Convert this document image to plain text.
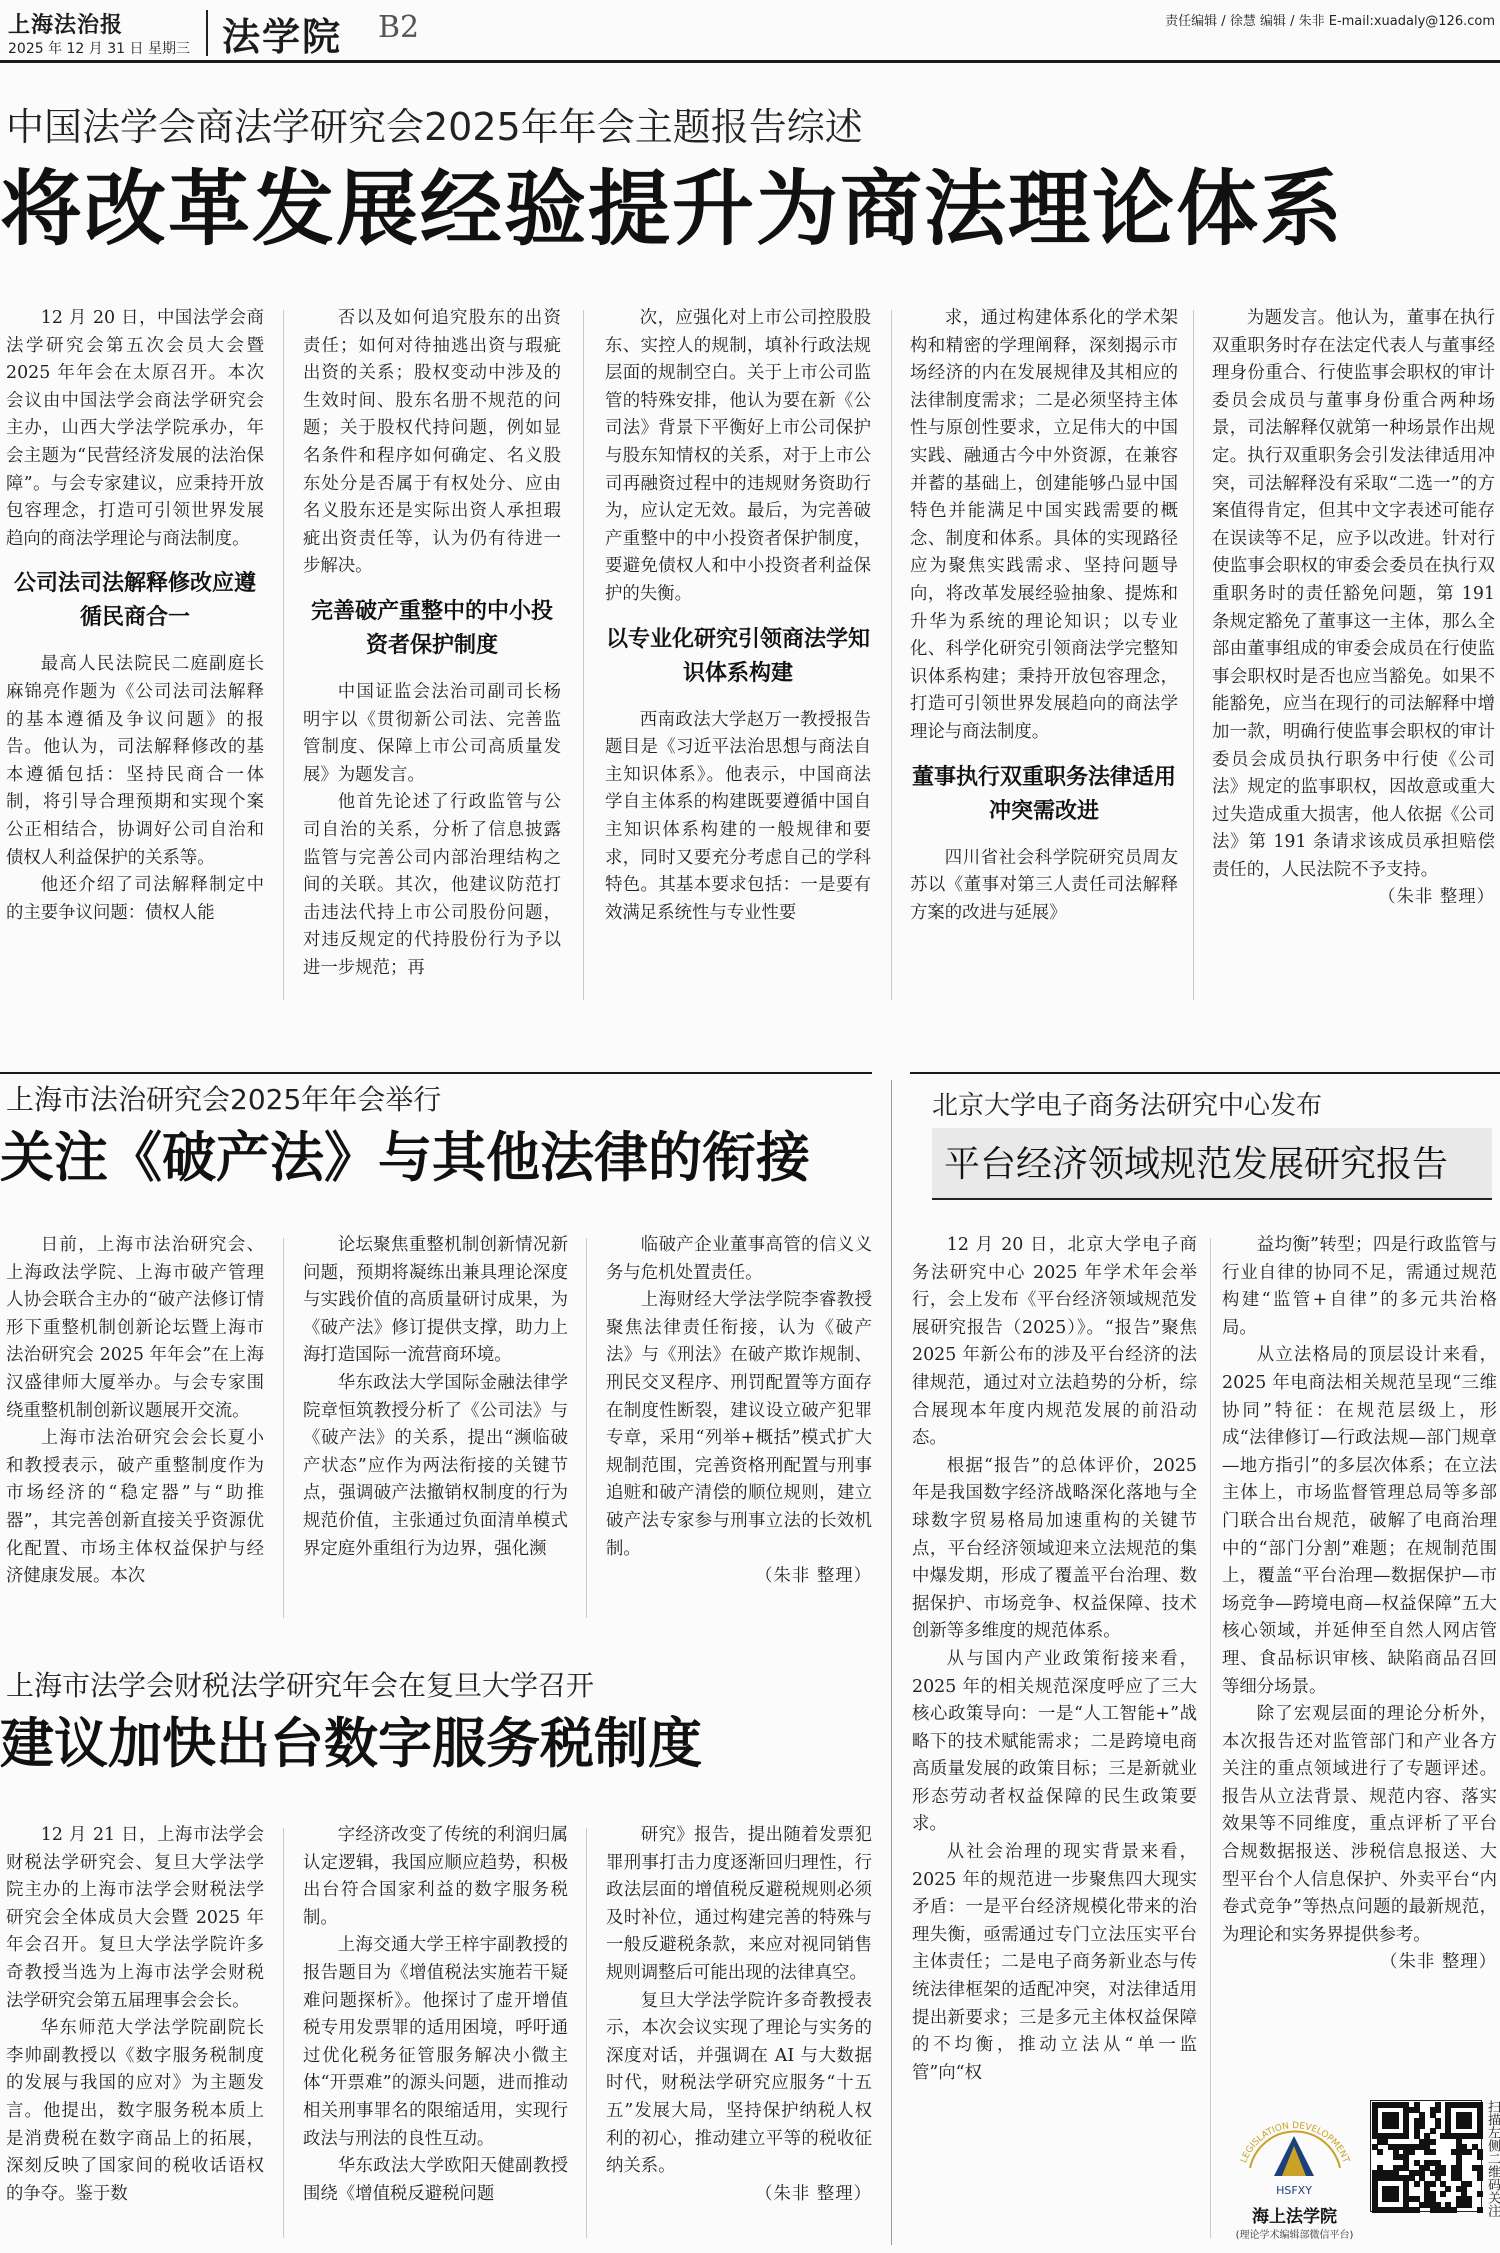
上海法治报
2025 年 12 月 31 日 星期三 法学院	B2	责任编辑 / 徐慧 编辑 / 朱非 E-mail:xuadaly@126.com
中国法学会商法学研究会2025年年会主题报告综述
将改革发展经验提升为商法理论体系

12 月 20 日，中国法学会商法学研究会第五次会员大会暨 2025 年年会在太原召开。本次会议由中国法学会商法学研究会主办，山西大学法学院承办，年会主题为“民营经济发展的法治保障”。与会专家建议，应秉持开放包容理念，打造可引领世界发展趋向的商法学理论与商法制度。

公司法司法解释修改应遵循民商合一

最高人民法院民二庭副庭长麻锦亮作题为《公司法司法解释的基本遵循及争议问题》的报告。他认为，司法解释修改的基本遵循包括：坚持民商合一体制，将引导合理预期和实现个案公正相结合，协调好公司自治和债权人利益保护的关系等。

他还介绍了司法解释制定中的主要争议问题：债权人能

否以及如何追究股东的出资责任；如何对待抽逃出资与瑕疵出资的关系；股权变动中涉及的生效时间、股东名册不规范的问题；关于股权代持问题，例如显名条件和程序如何确定、名义股东处分是否属于有权处分、应由名义股东还是实际出资人承担瑕疵出资责任等，认为仍有待进一步解决。

完善破产重整中的中小投资者保护制度

中国证监会法治司副司长杨明宇以《贯彻新公司法、完善监管制度、保障上市公司高质量发展》为题发言。

他首先论述了行政监管与公司自治的关系，分析了信息披露监管与完善公司内部治理结构之间的关联。其次，他建议防范打击违法代持上市公司股份问题，对违反规定的代持股份行为予以进一步规范；再

次，应强化对上市公司控股股东、实控人的规制，填补行政法规层面的规制空白。关于上市公司监管的特殊安排，他认为要在新《公司法》背景下平衡好上市公司保护与股东知情权的关系，对于上市公司再融资过程中的违规财务资助行为，应认定无效。最后，为完善破产重整中的中小投资者保护制度，要避免债权人和中小投资者利益保护的失衡。

以专业化研究引领商法学知识体系构建

西南政法大学赵万一教授报告题目是《习近平法治思想与商法自主知识体系》。他表示，中国商法学自主体系的构建既要遵循中国自主知识体系构建的一般规律和要求，同时又要充分考虑自己的学科特色。其基本要求包括：一是要有效满足系统性与专业性要

求，通过构建体系化的学术架构和精密的学理阐释，深刻揭示市场经济的内在发展规律及其相应的法律制度需求；二是必须坚持主体性与原创性要求，立足伟大的中国实践、融通古今中外资源，在兼容并蓄的基础上，创建能够凸显中国特色并能满足中国实践需要的概念、制度和体系。具体的实现路径应为聚焦实践需求、坚持问题导向，将改革发展经验抽象、提炼和升华为系统的理论知识；以专业化、科学化研究引领商法学完整知识体系构建；秉持开放包容理念，打造可引领世界发展趋向的商法学理论与商法制度。

董事执行双重职务法律适用冲突需改进

四川省社会科学院研究员周友苏以《董事对第三人责任司法解释方案的改进与延展》

为题发言。他认为，董事在执行双重职务时存在法定代表人与董事经理身份重合、行使监事会职权的审计委员会成员与董事身份重合两种场景，司法解释仅就第一种场景作出规定。执行双重职务会引发法律适用冲突，司法解释没有采取“二选一”的方案值得肯定，但其中文字表述可能存在误读等不足，应予以改进。针对行使监事会职权的审委会委员在执行双重职务时的责任豁免问题，第 191 条规定豁免了董事这一主体，那么全部由董事组成的审委会成员在行使监事会职权时是否也应当豁免。如果不能豁免，应当在现行的司法解释中增加一款，明确行使监事会职权的审计委员会成员执行职务中行使《公司法》规定的监事职权，因故意或重大过失造成重大损害，他人依据《公司法》第 191 条请求该成员承担赔偿责任的，人民法院不予支持。

（朱非 整理）

上海市法治研究会2025年年会举行
关注《破产法》与其他法律的衔接

日前，上海市法治研究会、上海政法学院、上海市破产管理人协会联合主办的“破产法修订情形下重整机制创新论坛暨上海市法治研究会 2025 年年会”在上海汉盛律师大厦举办。与会专家围绕重整机制创新议题展开交流。

上海市法治研究会会长夏小和教授表示，破产重整制度作为市场经济的“稳定器”与“助推器”，其完善创新直接关乎资源优化配置、市场主体权益保护与经济健康发展。本次

论坛聚焦重整机制创新情况新问题，预期将凝练出兼具理论深度与实践价值的高质量研讨成果，为《破产法》修订提供支撑，助力上海打造国际一流营商环境。

华东政法大学国际金融法律学院章恒筑教授分析了《公司法》与《破产法》的关系，提出“濒临破产状态”应作为两法衔接的关键节点，强调破产法撤销权制度的行为规范价值，主张通过负面清单模式界定庭外重组行为边界，强化濒

临破产企业董事高管的信义义务与危机处置责任。

上海财经大学法学院李睿教授聚焦法律责任衔接，认为《破产法》与《刑法》在破产欺诈规制、刑民交叉程序、刑罚配置等方面存在制度性断裂，建议设立破产犯罪专章，采用“列举+概括”模式扩大规制范围，完善资格刑配置与刑事追赃和破产清偿的顺位规则，建立破产法专家参与刑事立法的长效机制。

（朱非 整理）

上海市法学会财税法学研究年会在复旦大学召开
建议加快出台数字服务税制度

12 月 21 日，上海市法学会财税法学研究会、复旦大学法学院主办的上海市法学会财税法学研究会全体成员大会暨 2025 年年会召开。复旦大学法学院许多奇教授当选为上海市法学会财税法学研究会第五届理事会会长。

华东师范大学法学院副院长李帅副教授以《数字服务税制度的发展与我国的应对》为主题发言。他提出，数字服务税本质上是消费税在数字商品上的拓展，深刻反映了国家间的税收话语权的争夺。鉴于数

字经济改变了传统的利润归属认定逻辑，我国应顺应趋势，积极出台符合国家利益的数字服务税制。

上海交通大学王梓宇副教授的报告题目为《增值税法实施若干疑难问题探析》。他探讨了虚开增值税专用发票罪的适用困境，呼吁通过优化税务征管服务解决小微主体“开票难”的源头问题，进而推动相关刑事罪名的限缩适用，实现行政法与刑法的良性互动。

华东政法大学欧阳天健副教授围绕《增值税反避税问题

研究》报告，提出随着发票犯罪刑事打击力度逐渐回归理性，行政法层面的增值税反避税规则必须及时补位，通过构建完善的特殊与一般反避税条款，来应对视同销售规则调整后可能出现的法律真空。

复旦大学法学院许多奇教授表示，本次会议实现了理论与实务的深度对话，并强调在 AI 与大数据时代，财税法学研究应服务“十五五”发展大局，坚持保护纳税人权利的初心，推动建立平等的税收征纳关系。

（朱非 整理）

北京大学电子商务法研究中心发布
平台经济领域规范发展研究报告

12 月 20 日，北京大学电子商务法研究中心 2025 年学术年会举行，会上发布《平台经济领域规范发展研究报告（2025）》。“报告”聚焦 2025 年新公布的涉及平台经济的法律规范，通过对立法趋势的分析，综合展现本年度内规范发展的前沿动态。

根据“报告”的总体评价，2025 年是我国数字经济战略深化落地与全球数字贸易格局加速重构的关键节点，平台经济领域迎来立法规范的集中爆发期，形成了覆盖平台治理、数据保护、市场竞争、权益保障、技术创新等多维度的规范体系。

从与国内产业政策衔接来看，2025 年的相关规范深度呼应了三大核心政策导向：一是“人工智能+”战略下的技术赋能需求；二是跨境电商高质量发展的政策目标；三是新就业形态劳动者权益保障的民生政策要求。

从社会治理的现实背景来看，2025 年的规范进一步聚焦四大现实矛盾：一是平台经济规模化带来的治理失衡，亟需通过专门立法压实平台主体责任；二是电子商务新业态与传统法律框架的适配冲突，对法律适用提出新要求；三是多元主体权益保障的不均衡，推动立法从“单一监管”向“权

益均衡”转型；四是行政监管与行业自律的协同不足，需通过规范构建“监管+自律”的多元共治格局。

从立法格局的顶层设计来看，2025 年电商法相关规范呈现“三维协同”特征：在规范层级上，形成“法律修订—行政法规—部门规章—地方指引”的多层次体系；在立法主体上，市场监督管理总局等多部门联合出台规范，破解了电商治理中的“部门分割”难题；在规制范围上，覆盖“平台治理—数据保护—市场竞争—跨境电商—权益保障”五大核心领域，并延伸至自然人网店管理、食品标识审核、缺陷商品召回等细分场景。

除了宏观层面的理论分析外，本次报告还对监管部门和产业各方关注的重点领域进行了专题评述。报告从立法背景、规范内容、落实效果等不同维度，重点评析了平台合规数据报送、涉税信息报送、大型平台个人信息保护、外卖平台“内卷式竞争”等热点问题的最新规范，为理论和实务界提供参考。

（朱非 整理）

LEGISLATION DEVELOPMENT
HSFXY
海上法学院
(理论学术编辑部微信平台)
扫描左侧二维码关注
